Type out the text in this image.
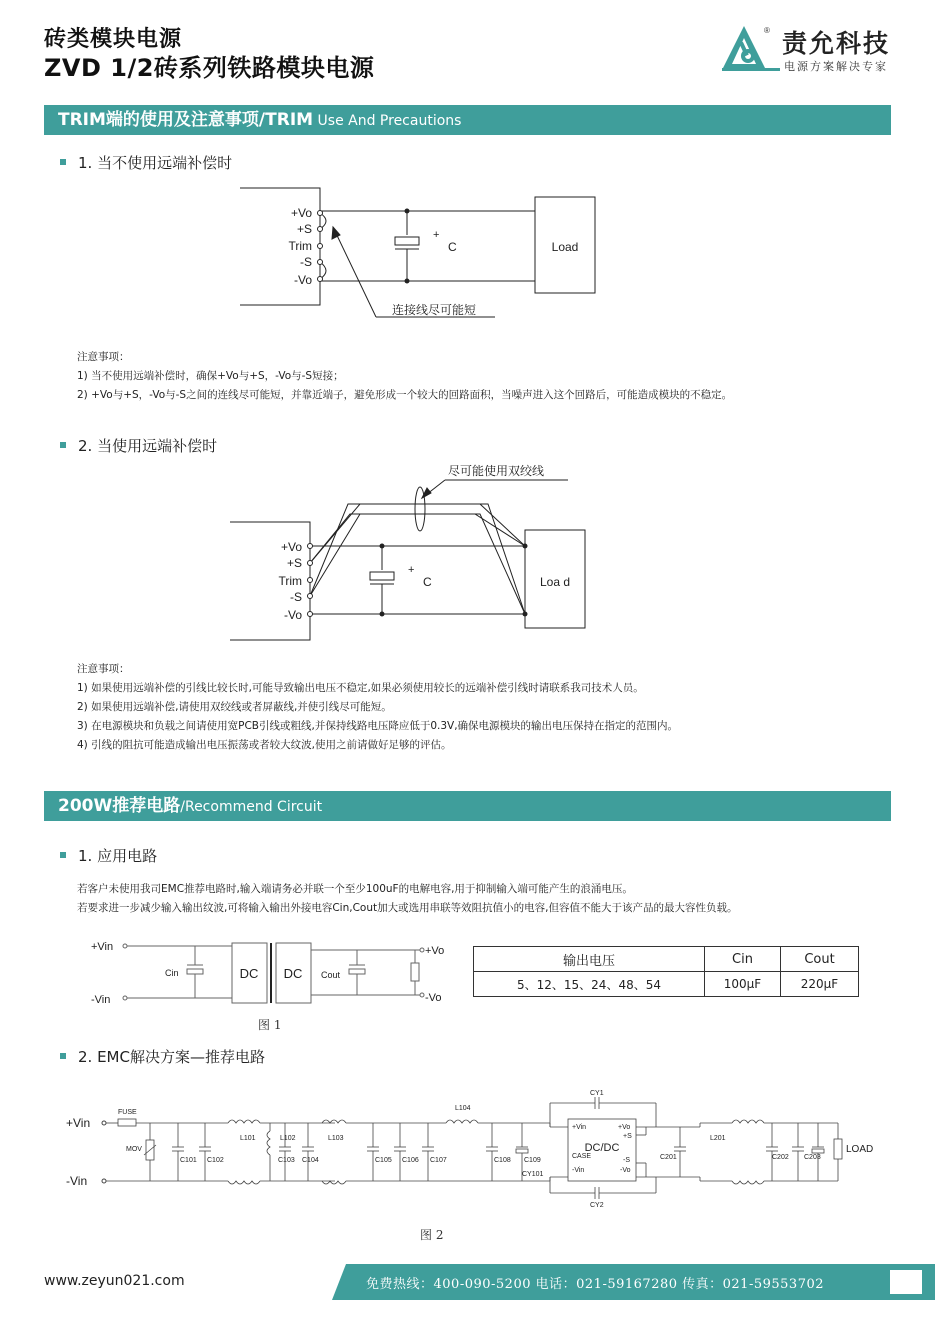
砖类模块电源
ZVD 1/2砖系列铁路模块电源
® 责允科技
电源方案解决专家
TRIM端的使用及注意事项/TRIM Use And Precautions
1. 当不使用远端补偿时
+Vo
+S
Trim
-S
-Vo
+
C	Load
连接线尽可能短
注意事项：
1) 当不使用远端补偿时，确保+Vo与+S，-Vo与-S短接；
2) +Vo与+S，-Vo与-S之间的连线尽可能短，并靠近端子，避免形成一个较大的回路面积，当噪声进入这个回路后，可能造成模块的不稳定。
2. 当使用远端补偿时
+Vo
+S
Trim
-S
-Vo
+
C	Loa d
尽可能使用双绞线
注意事项：
1) 如果使用远端补偿的引线比较长时,可能导致输出电压不稳定,如果必须使用较长的远端补偿引线时请联系我司技术人员。
2) 如果使用远端补偿,请使用双绞线或者屏蔽线,并使引线尽可能短。
3) 在电源模块和负载之间请使用宽PCB引线或粗线,并保持线路电压降应低于0.3V,确保电源模块的输出电压保持在指定的范围内。
4) 引线的阻抗可能造成输出电压振荡或者较大纹波,使用之前请做好足够的评估。
200W推荐电路/Recommend Circuit
1. 应用电路
若客户未使用我司EMC推荐电路时,输入端请务必并联一个至少100uF的电解电容,用于抑制输入端可能产生的浪涌电压。
若要求进一步减少输入输出纹波,可将输入输出外接电容Cin,Cout加大或选用串联等效阻抗值小的电容,但容值不能大于该产品的最大容性负载。
+Vin
-Vin
+Vo
-Vo
Cin	Cout
DC DC
图 1
输出电压	Cin	Cout
5、12、15、24、48、54	100μF	220μF
2. EMC解决方案—推荐电路
FUSE
MOV
C101 C102	C103 C104	C105 C106 C107	C108 C109
CY101
C201	C202 C203
L101	L102	L103
L104
L201
CY1
CY2
+Vin	+Vo
+S
CASE
-S
-Vin	-Vo
DC/DC
+Vin
-Vin
LOAD
图 2
www.zeyun021.com	免费热线：400-090-5200 电话：021-59167280 传真：021-59553702
